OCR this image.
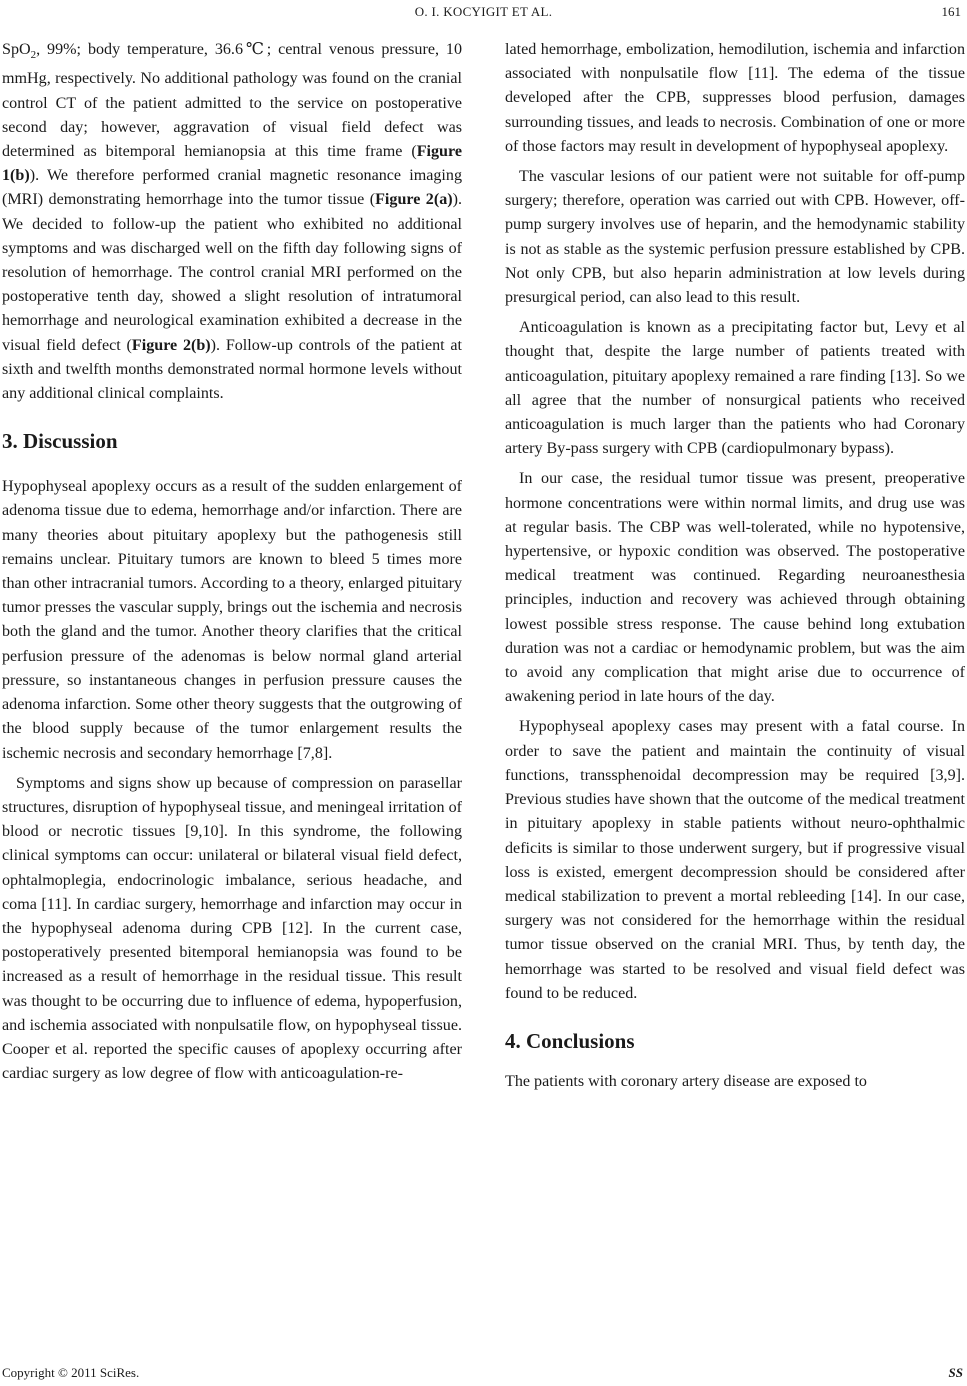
O. I. KOCYIGIT ET AL.	161

SpO$_2$, 99%; body temperature, 36.6℃; central venous pressure, 10 mmHg, respectively. No additional pathology was found on the cranial control CT of the patient admitted to the service on postoperative second day; however, aggravation of visual field defect was determined as bitemporal hemianopsia at this time frame (Figure 1(b)). We therefore performed cranial magnetic resonance imaging (MRI) demonstrating hemorrhage into the tumor tissue (Figure 2(a)). We decided to follow-up the patient who exhibited no additional symptoms and was discharged well on the fifth day following signs of resolution of hemorrhage. The control cranial MRI performed on the postoperative tenth day, showed a slight resolution of intratumoral hemorrhage and neurological examination exhibited a decrease in the visual field defect (Figure 2(b)). Follow-up controls of the patient at sixth and twelfth months demonstrated normal hormone levels without any additional clinical complaints.

3. Discussion

Hypophyseal apoplexy occurs as a result of the sudden enlargement of adenoma tissue due to edema, hemorrhage and/or infarction. There are many theories about pituitary apoplexy but the pathogenesis still remains unclear. Pituitary tumors are known to bleed 5 times more than other intracranial tumors. According to a theory, enlarged pituitary tumor presses the vascular supply, brings out the ischemia and necrosis both the gland and the tumor. Another theory clarifies that the critical perfusion pressure of the adenomas is below normal gland arterial pressure, so instantaneous changes in perfusion pressure causes the adenoma infarction. Some other theory suggests that the outgrowing of the blood supply because of the tumor enlargement results the ischemic necrosis and secondary hemorrhage [7,8].

Symptoms and signs show up because of compression on parasellar structures, disruption of hypophyseal tissue, and meningeal irritation of blood or necrotic tissues [9,10]. In this syndrome, the following clinical symptoms can occur: unilateral or bilateral visual field defect, ophtalmoplegia, endocrinologic imbalance, serious headache, and coma [11]. In cardiac surgery, hemorrhage and infarction may occur in the hypophyseal adenoma during CPB [12]. In the current case, postoperatively presented bitemporal hemianopsia was found to be increased as a result of hemorrhage in the residual tissue. This result was thought to be occurring due to influence of edema, hypoperfusion, and ischemia associated with nonpulsatile flow, on hypophyseal tissue. Cooper et al. reported the specific causes of apoplexy occurring after cardiac surgery as low degree of flow with anticoagulation-re-

lated hemorrhage, embolization, hemodilution, ischemia and infarction associated with nonpulsatile flow [11]. The edema of the tissue developed after the CPB, suppresses blood perfusion, damages surrounding tissues, and leads to necrosis. Combination of one or more of those factors may result in development of hypophyseal apoplexy.

The vascular lesions of our patient were not suitable for off-pump surgery; therefore, operation was carried out with CPB. However, off-pump surgery involves use of heparin, and the hemodynamic stability is not as stable as the systemic perfusion pressure established by CPB. Not only CPB, but also heparin administration at low levels during presurgical period, can also lead to this result.

Anticoagulation is known as a precipitating factor but, Levy et al thought that, despite the large number of patients treated with anticoagulation, pituitary apoplexy remained a rare finding [13]. So we all agree that the number of nonsurgical patients who received anticoagulation is much larger than the patients who had Coronary artery By-pass surgery with CPB (cardiopulmonary bypass).

In our case, the residual tumor tissue was present, preoperative hormone concentrations were within normal limits, and drug use was at regular basis. The CBP was well-tolerated, while no hypotensive, hypertensive, or hypoxic condition was observed. The postoperative medical treatment was continued. Regarding neuroanesthesia principles, induction and recovery was achieved through obtaining lowest possible stress response. The cause behind long extubation duration was not a cardiac or hemodynamic problem, but was the aim to avoid any complication that might arise due to occurrence of awakening period in late hours of the day.

Hypophyseal apoplexy cases may present with a fatal course. In order to save the patient and maintain the continuity of visual functions, transsphenoidal decompression may be required [3,9]. Previous studies have shown that the outcome of the medical treatment in pituitary apoplexy in stable patients without neuro-ophthalmic deficits is similar to those underwent surgery, but if progressive visual loss is existed, emergent decompression should be considered after medical stabilization to prevent a mortal rebleeding [14]. In our case, surgery was not considered for the hemorrhage within the residual tumor tissue observed on the cranial MRI. Thus, by tenth day, the hemorrhage was started to be resolved and visual field defect was found to be reduced.

4. Conclusions

The patients with coronary artery disease are exposed to

Copyright © 2011 SciRes.	SS
